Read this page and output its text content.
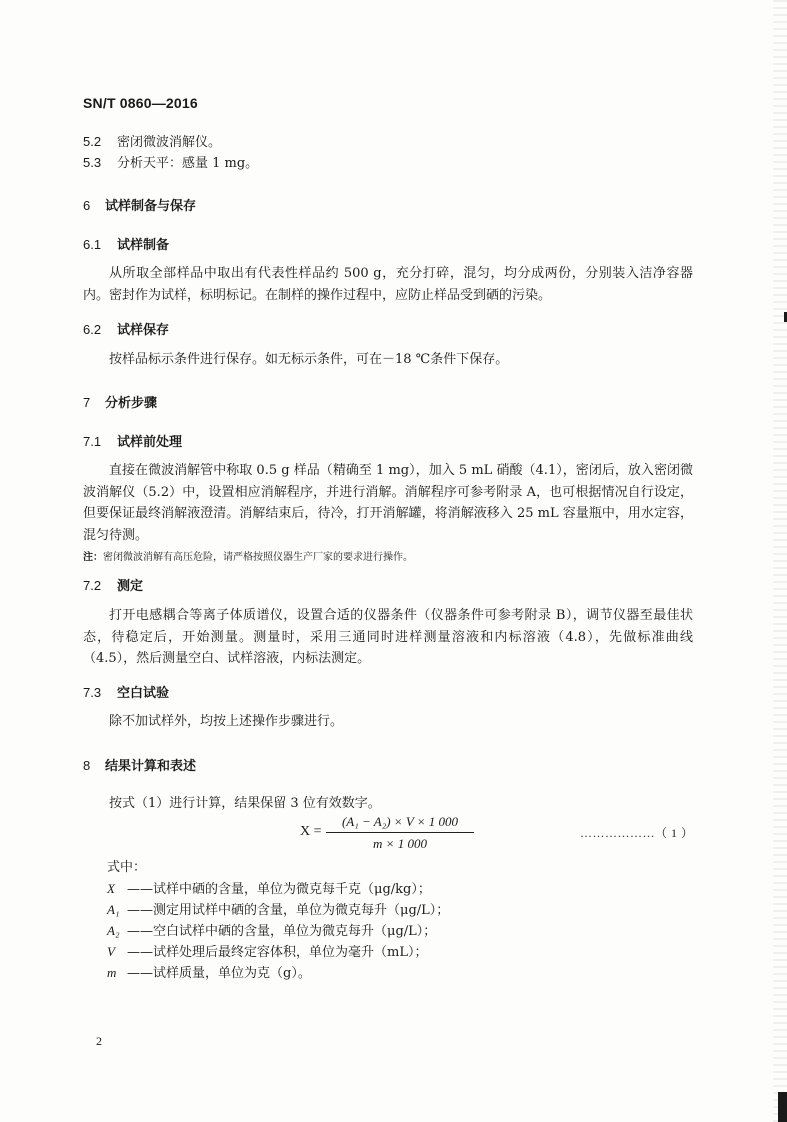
SN/T 0860—2016
5.2 密闭微波消解仪。
5.3 分析天平：感量 1 mg。
6 试样制备与保存
6.1 试样制备
从所取全部样品中取出有代表性样品约 500 g，充分打碎，混匀，均分成两份，分别装入洁净容器内。密封作为试样，标明标记。在制样的操作过程中，应防止样品受到硒的污染。
6.2 试样保存
按样品标示条件进行保存。如无标示条件，可在－18 ℃条件下保存。
7 分析步骤
7.1 试样前处理
直接在微波消解管中称取 0.5 g 样品（精确至 1 mg），加入 5 mL 硝酸（4.1），密闭后，放入密闭微波消解仪（5.2）中，设置相应消解程序，并进行消解。消解程序可参考附录 A，也可根据情况自行设定，但要保证最终消解液澄清。消解结束后，待冷，打开消解罐，将消解液移入 25 mL 容量瓶中，用水定容，混匀待测。
注：密闭微波消解有高压危险，请严格按照仪器生产厂家的要求进行操作。
7.2 测定
打开电感耦合等离子体质谱仪，设置合适的仪器条件（仪器条件可参考附录 B），调节仪器至最佳状态，待稳定后，开始测量。测量时，采用三通同时进样测量溶液和内标溶液（4.8），先做标准曲线（4.5），然后测量空白、试样溶液，内标法测定。
7.3 空白试验
除不加试样外，均按上述操作步骤进行。
8 结果计算和表述
按式（1）进行计算，结果保留 3 位有效数字。
X =
(A₁ − A₂) × V × 1 000
m × 1 000
………………（ 1 ）
式中：
X ——试样中硒的含量，单位为微克每千克（μg/kg）；
A₁ ——测定用试样中硒的含量，单位为微克每升（μg/L）；
A₂ ——空白试样中硒的含量，单位为微克每升（μg/L）；
V ——试样处理后最终定容体积，单位为毫升（mL）；
m ——试样质量，单位为克（g）。
2
